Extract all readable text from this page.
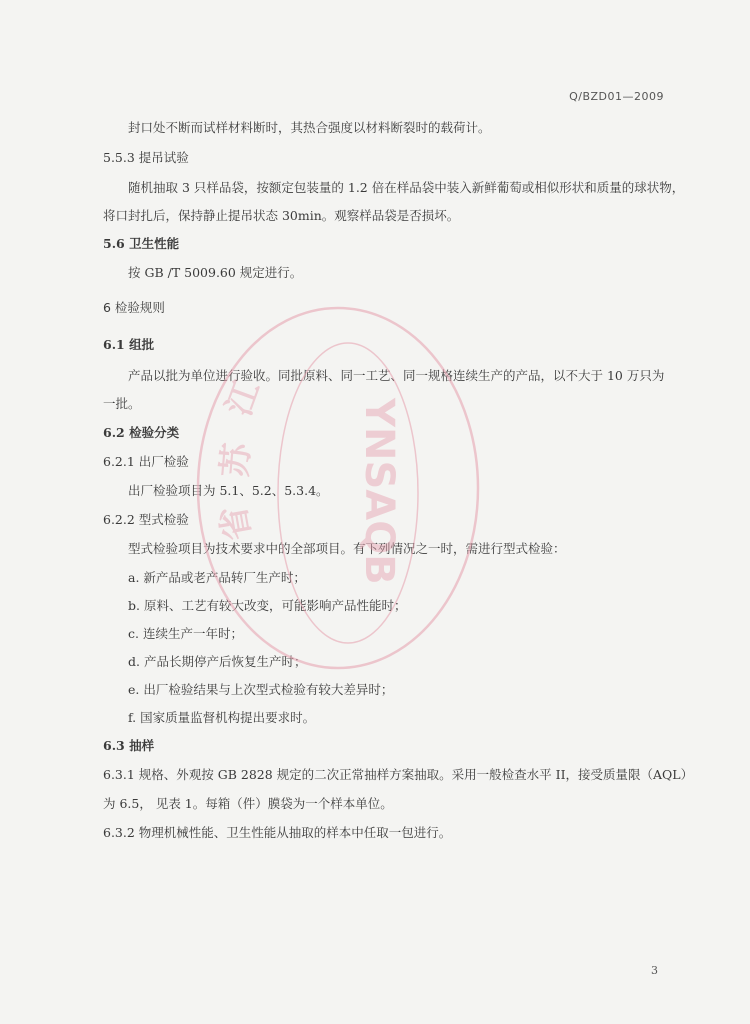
Q/BZD01—2009
封口处不断而试样材料断时，其热合强度以材料断裂时的载荷计。
5.5.3 提吊试验
随机抽取 3 只样品袋，按额定包装量的 1.2 倍在样品袋中装入新鲜葡萄或相似形状和质量的球状物，
将口封扎后，保持静止提吊状态 30min。观察样品袋是否损坏。
5.6 卫生性能
按 GB /T 5009.60 规定进行。
6 检验规则
6.1 组批
产品以批为单位进行验收。同批原料、同一工艺、同一规格连续生产的产品，以不大于 10 万只为
一批。
6.2 检验分类
6.2.1 出厂检验
出厂检验项目为 5.1、5.2、5.3.4。
6.2.2 型式检验
型式检验项目为技术要求中的全部项目。有下列情况之一时，需进行型式检验：
a. 新产品或老产品转厂生产时；
b. 原料、工艺有较大改变，可能影响产品性能时；
c. 连续生产一年时；
d. 产品长期停产后恢复生产时；
e. 出厂检验结果与上次型式检验有较大差异时；
f. 国家质量监督机构提出要求时。
6.3 抽样
6.3.1 规格、外观按 GB 2828 规定的二次正常抽样方案抽取。采用一般检查水平 II，接受质量限（AQL）
为 6.5， 见表 1。每箱（件）膜袋为一个样本单位。
6.3.2 物理机械性能、卫生性能从抽取的样本中任取一包进行。
YNSAQB
江
苏
省
3
